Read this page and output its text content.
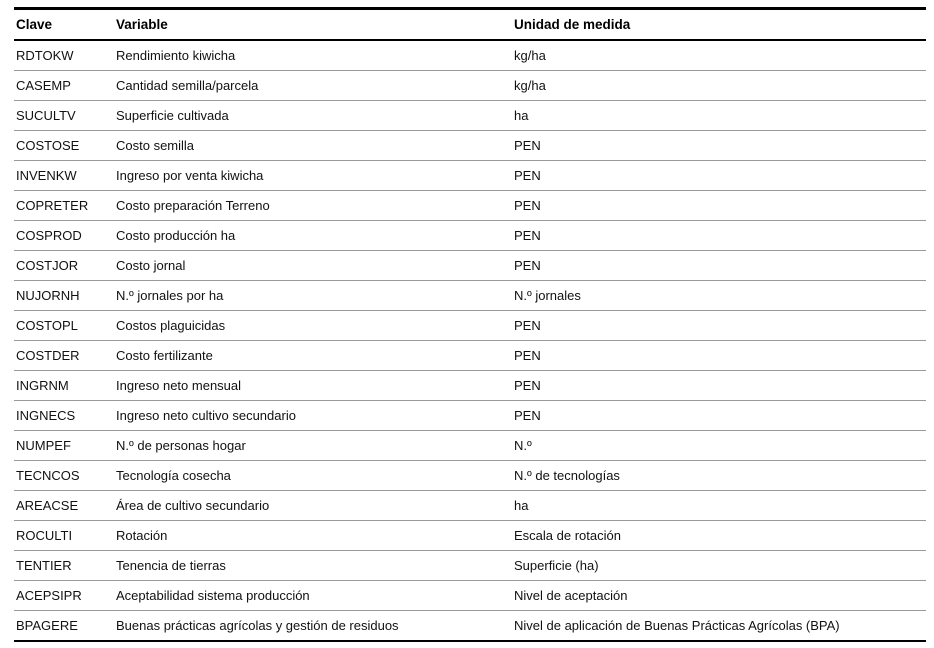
Clave	Variable	Unidad de medida
RDTOKW	Rendimiento kiwicha	kg/ha
CASEMP	Cantidad semilla/parcela	kg/ha
SUCULTV	Superficie cultivada	ha
COSTOSE	Costo semilla	PEN
INVENKW	Ingreso por venta kiwicha	PEN
COPRETER	Costo preparación Terreno	PEN
COSPROD	Costo producción ha	PEN
COSTJOR	Costo jornal	PEN
NUJORNH	N.º jornales por ha	N.º jornales
COSTOPL	Costos plaguicidas	PEN
COSTDER	Costo fertilizante	PEN
INGRNM	Ingreso neto mensual	PEN
INGNECS	Ingreso neto cultivo secundario	PEN
NUMPEF	N.º de personas hogar	N.º
TECNCOS	Tecnología cosecha	N.º de tecnologías
AREACSE	Área de cultivo secundario	ha
ROCULTI	Rotación	Escala de rotación
TENTIER	Tenencia de tierras	Superficie (ha)
ACEPSIPR	Aceptabilidad sistema producción	Nivel de aceptación
BPAGERE	Buenas prácticas agrícolas y gestión de residuos	Nivel de aplicación de Buenas Prácticas Agrícolas (BPA)
